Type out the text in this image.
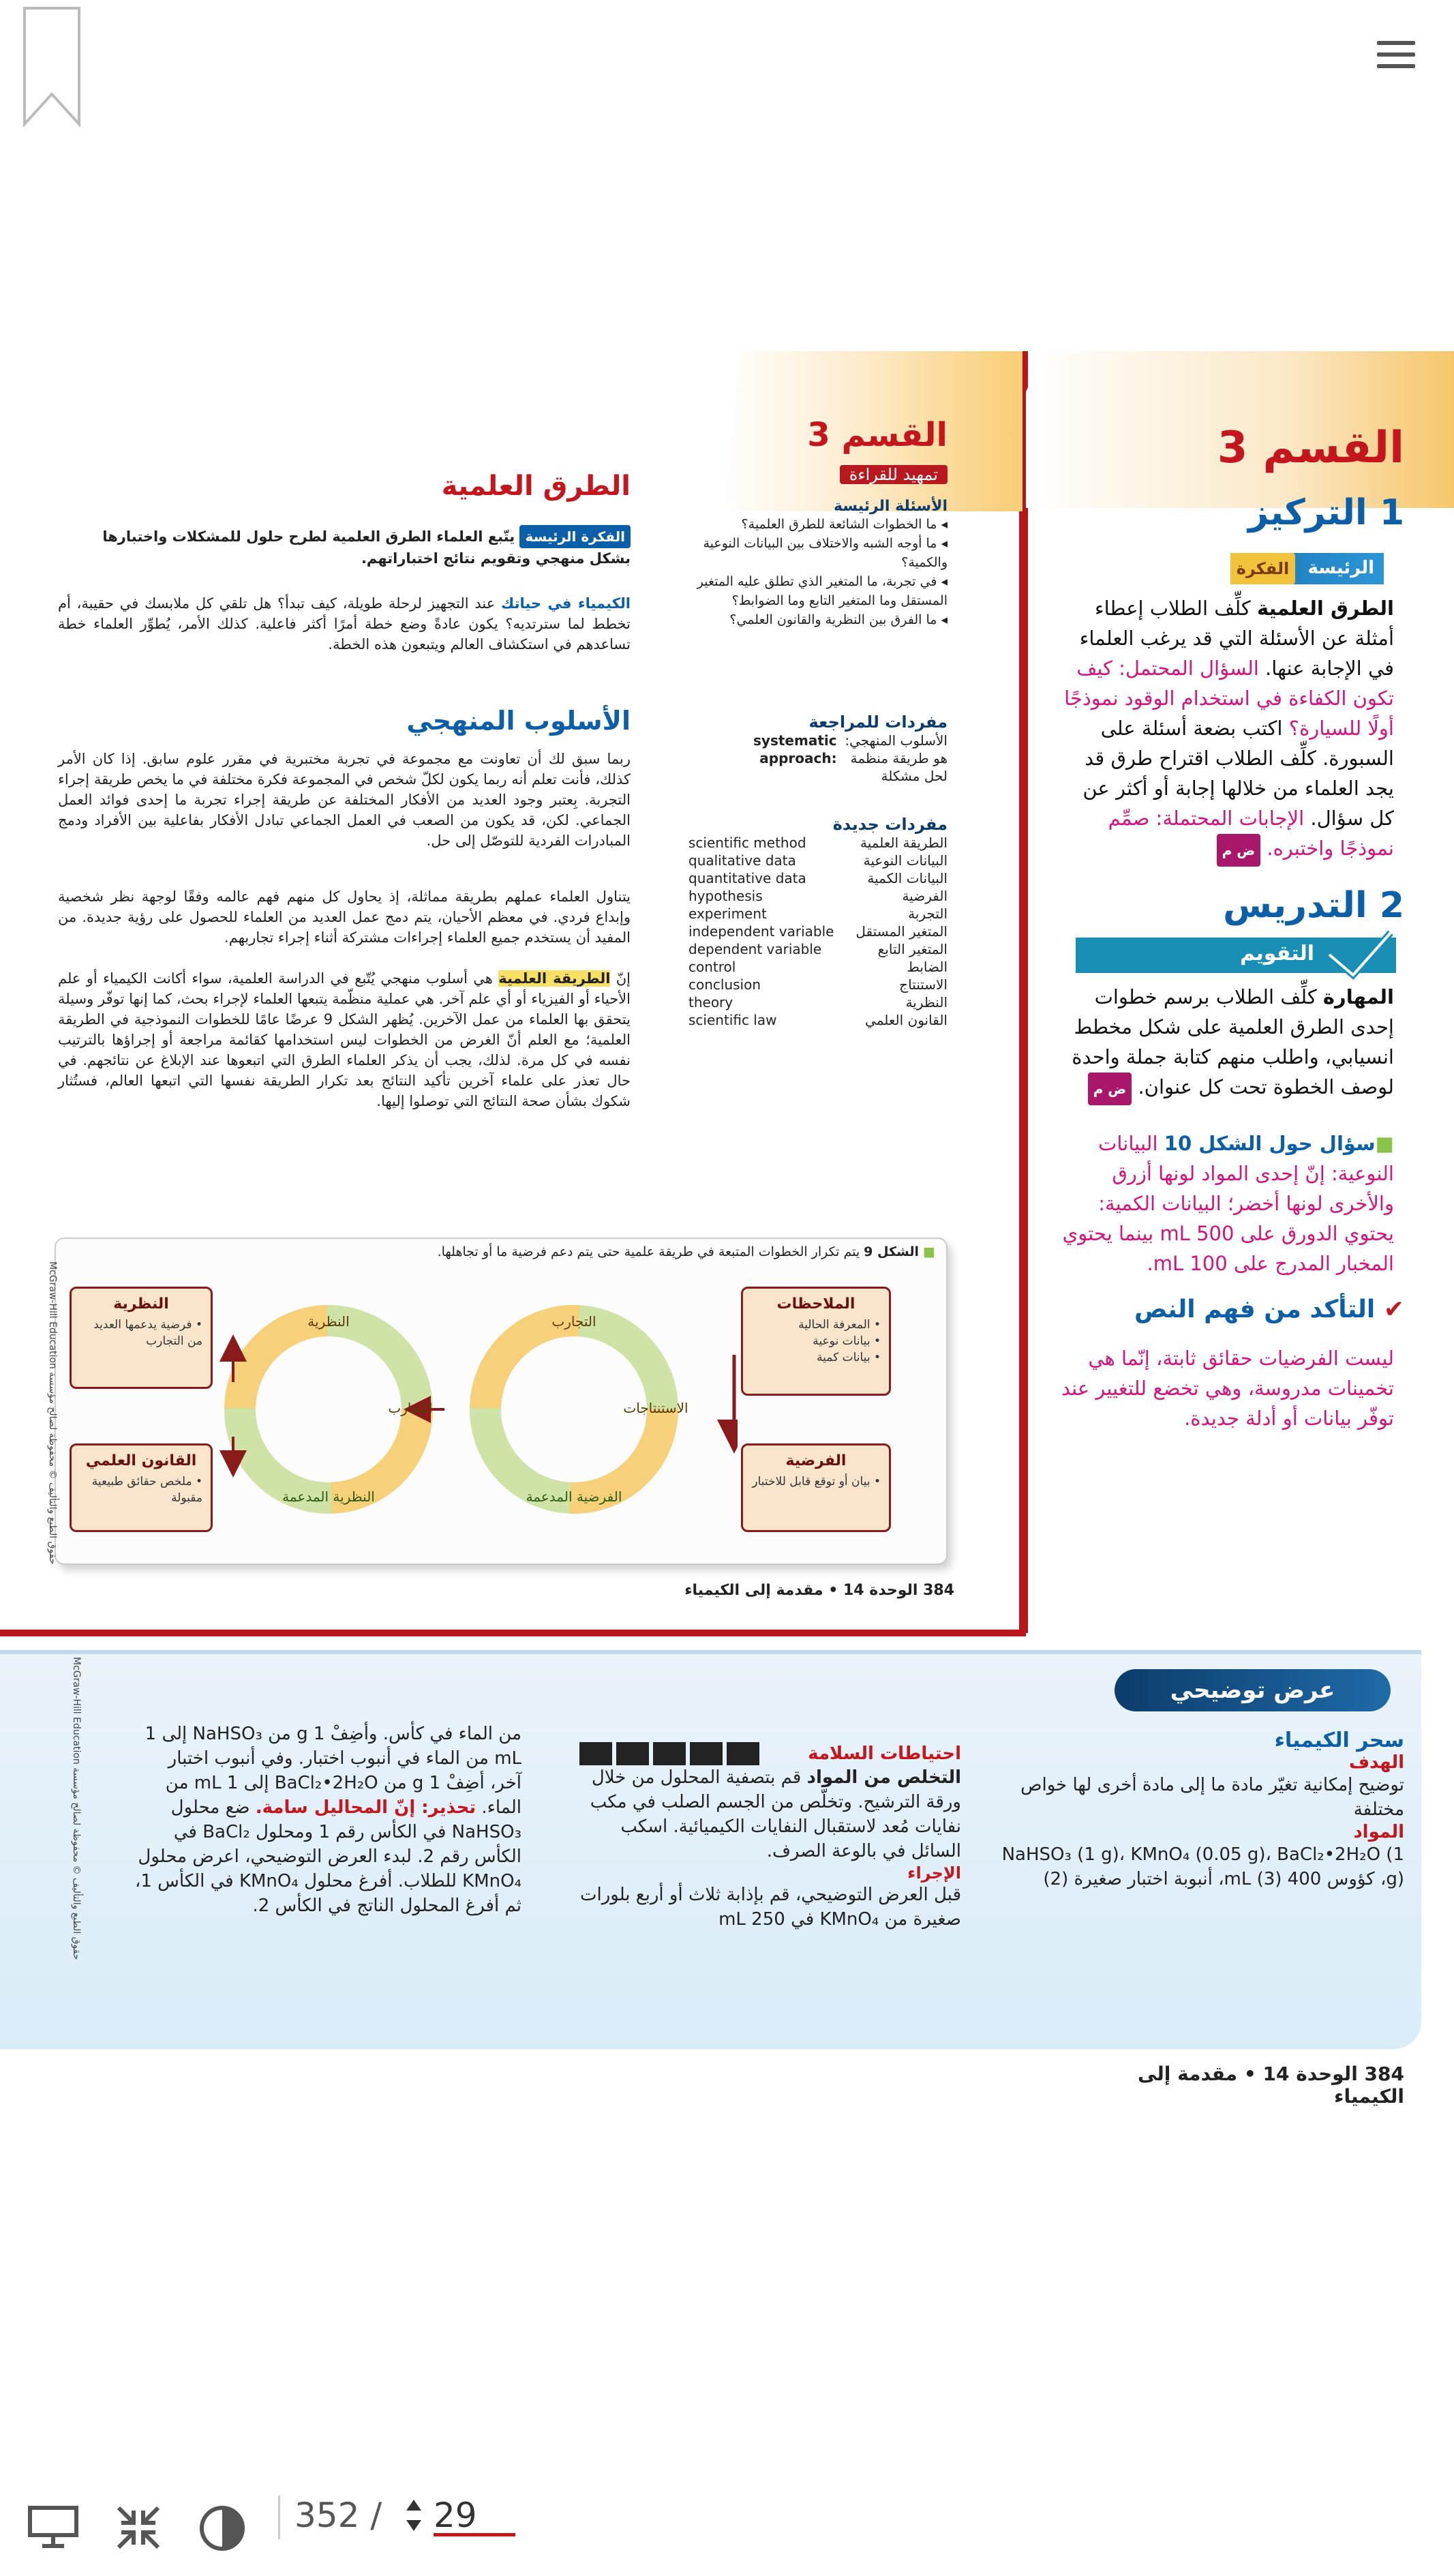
القسم 3
تمهيد للقراءة
الأسئلة الرئيسة
◂ ما الخطوات الشائعة للطرق العلمية؟
◂ ما أوجه الشبه والاختلاف بين البيانات النوعية والكمية؟
◂ في تجربة، ما المتغير الذي تطلق عليه المتغير المستقل وما المتغير التابع وما الضوابط؟
◂ ما الفرق بين النظرية والقانون العلمي؟
مفردات للمراجعة
الأسلوب المنهجي: هو طريقة منظمة لحل مشكلة
systematic approach:
مفردات جديدة
الطريقة العلمية
scientific method
البيانات النوعية
qualitative data
البيانات الكمية
quantitative data
الفرضية
hypothesis
التجربة
experiment
المتغير المستقل
independent variable
المتغير التابع
dependent variable
الضابط
control
الاستنتاج
conclusion
النظرية
theory
القانون العلمي
scientific law
الطرق العلمية
الفكرة الرئيسة يتّبع العلماء الطرق العلمية لطرح حلول للمشكلات واختبارها بشكل منهجي وتقويم نتائج اختباراتهم.
الكيمياء في حياتك عند التجهيز لرحلة طويلة، كيف تبدأ؟ هل تلقي كل ملابسك في حقيبة، أم تخطط لما سترتديه؟ يكون عادةً وضع خطة أمرًا أكثر فاعلية. كذلك الأمر، يُطوِّر العلماء خطة تساعدهم في استكشاف العالم ويتبعون هذه الخطة.
الأسلوب المنهجي
ربما سبق لك أن تعاونت مع مجموعة في تجربة مختبرية في مقرر علوم سابق. إذا كان الأمر كذلك، فأنت تعلم أنه ربما يكون لكلّ شخص في المجموعة فكرة مختلفة في ما يخص طريقة إجراء التجربة. بِعتبر وجود العديد من الأفكار المختلفة عن طريقة إجراء تجربة ما إحدى فوائد العمل الجماعي. لكن، قد يكون من الصعب في العمل الجماعي تبادل الأفكار بفاعلية بين الأفراد ودمج المبادرات الفردية للتوصّل إلى حل.
يتناول العلماء عملهم بطريقة مماثلة، إذ يحاول كل منهم فهم عالمه وفقًا لوجهة نظر شخصية وإبداع فردي. في معظم الأحيان، يتم دمج عمل العديد من العلماء للحصول على رؤية جديدة. من المفيد أن يستخدم جميع العلماء إجراءات مشتركة أثناء إجراء تجاربهم.
إنّ الطريقة العلمية هي أسلوب منهجي يُتّبع في الدراسة العلمية، سواء أكانت الكيمياء أو علم الأحياء أو الفيزياء أو أي علم آخر. هي عملية منظّمة يتبعها العلماء لإجراء بحث، كما إنها توفّر وسيلة يتحقق بها العلماء من عمل الآخرين. يُظهر الشكل 9 عرضًا عامًا للخطوات النموذجية في الطريقة العلمية؛ مع العلم أنّ الغرض من الخطوات ليس استخدامها كقائمة مراجعة أو إجراؤها بالترتيب نفسه في كل مرة. لذلك، يجب أن يذكر العلماء الطرق التي اتبعوها عند الإبلاغ عن نتائجهم. في حال تعذر على علماء آخرين تأكيد النتائج بعد تكرار الطريقة نفسها التي اتبعها العالم، فستُثار شكوك بشأن صحة النتائج التي توصلوا إليها.
■ الشكل 9 يتم تكرار الخطوات المتبعة في طريقة علمية حتى يتم دعم فرضية ما أو تجاهلها.
الملاحظات

• المعرفة الحالية

• بيانات نوعية

• بيانات كمية

الفرضية

• بيان أو توقع قابل للاختبار

النظرية

• فرضية يدعمها العديد من التجارب

القانون العلمي

• ملخص حقائق طبيعية مقبولة

التجارب
الاستنتاجات
الفرضية المدعمة
النظرية
التجارب
النظرية المدعمة
384 الوحدة 14 • مقدمة إلى الكيمياء
McGraw-Hill Education حقوق الطبع والتأليف © محفوظة لصالح مؤسسة
القسم 3
1 التركيز
الرئيسة
الفكرة
الطرق العلمية كلِّف الطلاب إعطاء أمثلة عن الأسئلة التي قد يرغب العلماء في الإجابة عنها. السؤال المحتمل: كيف تكون الكفاءة في استخدام الوقود نموذجًا أولًا للسيارة؟ اكتب بضعة أسئلة على السبورة. كلِّف الطلاب اقتراح طرق قد يجد العلماء من خلالها إجابة أو أكثر عن كل سؤال. الإجابات المحتملة: صمِّم نموذجًا واختبره. ض م
2 التدريس
التقويم
المهارة كلِّف الطلاب برسم خطوات إحدى الطرق العلمية على شكل مخطط انسيابي، واطلب منهم كتابة جملة واحدة لوصف الخطوة تحت كل عنوان. ض م
■سؤال حول الشكل 10 البيانات النوعية: إنّ إحدى المواد لونها أزرق والأخرى لونها أخضر؛ البيانات الكمية: يحتوي الدورق على 500 mL بينما يحتوي المخبار المدرج على 100 mL.
✔ التأكد من فهم النص
ليست الفرضيات حقائق ثابتة، إنّما هي تخمينات مدروسة، وهي تخضع للتغيير عند توفّر بيانات أو أدلة جديدة.
عرض توضيحي
سحر الكيمياء
الهدف
توضيح إمكانية تغيّر مادة ما إلى مادة أخرى لها خواص مختلفة
المواد
NaHSO₃ (1 g)، KMnO₄ (0.05 g)، BaCl₂•2H₂O (1 g)، كؤوس 400 mL (3)، أنبوبة اختبار صغيرة (2)
احتياطات السلامة
التخلص من المواد قم بتصفية المحلول من خلال ورقة الترشيح. وتخلّص من الجسم الصلب في مكب نفايات مُعد لاستقبال النفايات الكيميائية. اسكب السائل في بالوعة الصرف.
الإجراء
قبل العرض التوضيحي، قم بإذابة ثلاث أو أربع بلورات صغيرة من KMnO₄ في 250 mL
من الماء في كأس. وأضِفْ 1 g من NaHSO₃ إلى 1 mL من الماء في أنبوب اختبار. وفي أنبوب اختبار آخر، أضِفْ 1 g من BaCl₂•2H₂O إلى 1 mL من الماء. تحذير: إنّ المحاليل سامة. ضع محلول NaHSO₃ في الكأس رقم 1 ومحلول BaCl₂ في الكأس رقم 2. لبدء العرض التوضيحي، اعرض محلول KMnO₄ للطلاب. أفرغ محلول KMnO₄ في الكأس 1، ثم أفرغ المحلول الناتج في الكأس 2.
McGraw-Hill Education حقوق الطبع والتأليف © محفوظة لصالح مؤسسة
384 الوحدة 14 • مقدمة إلى الكيمياء
352 / 29
